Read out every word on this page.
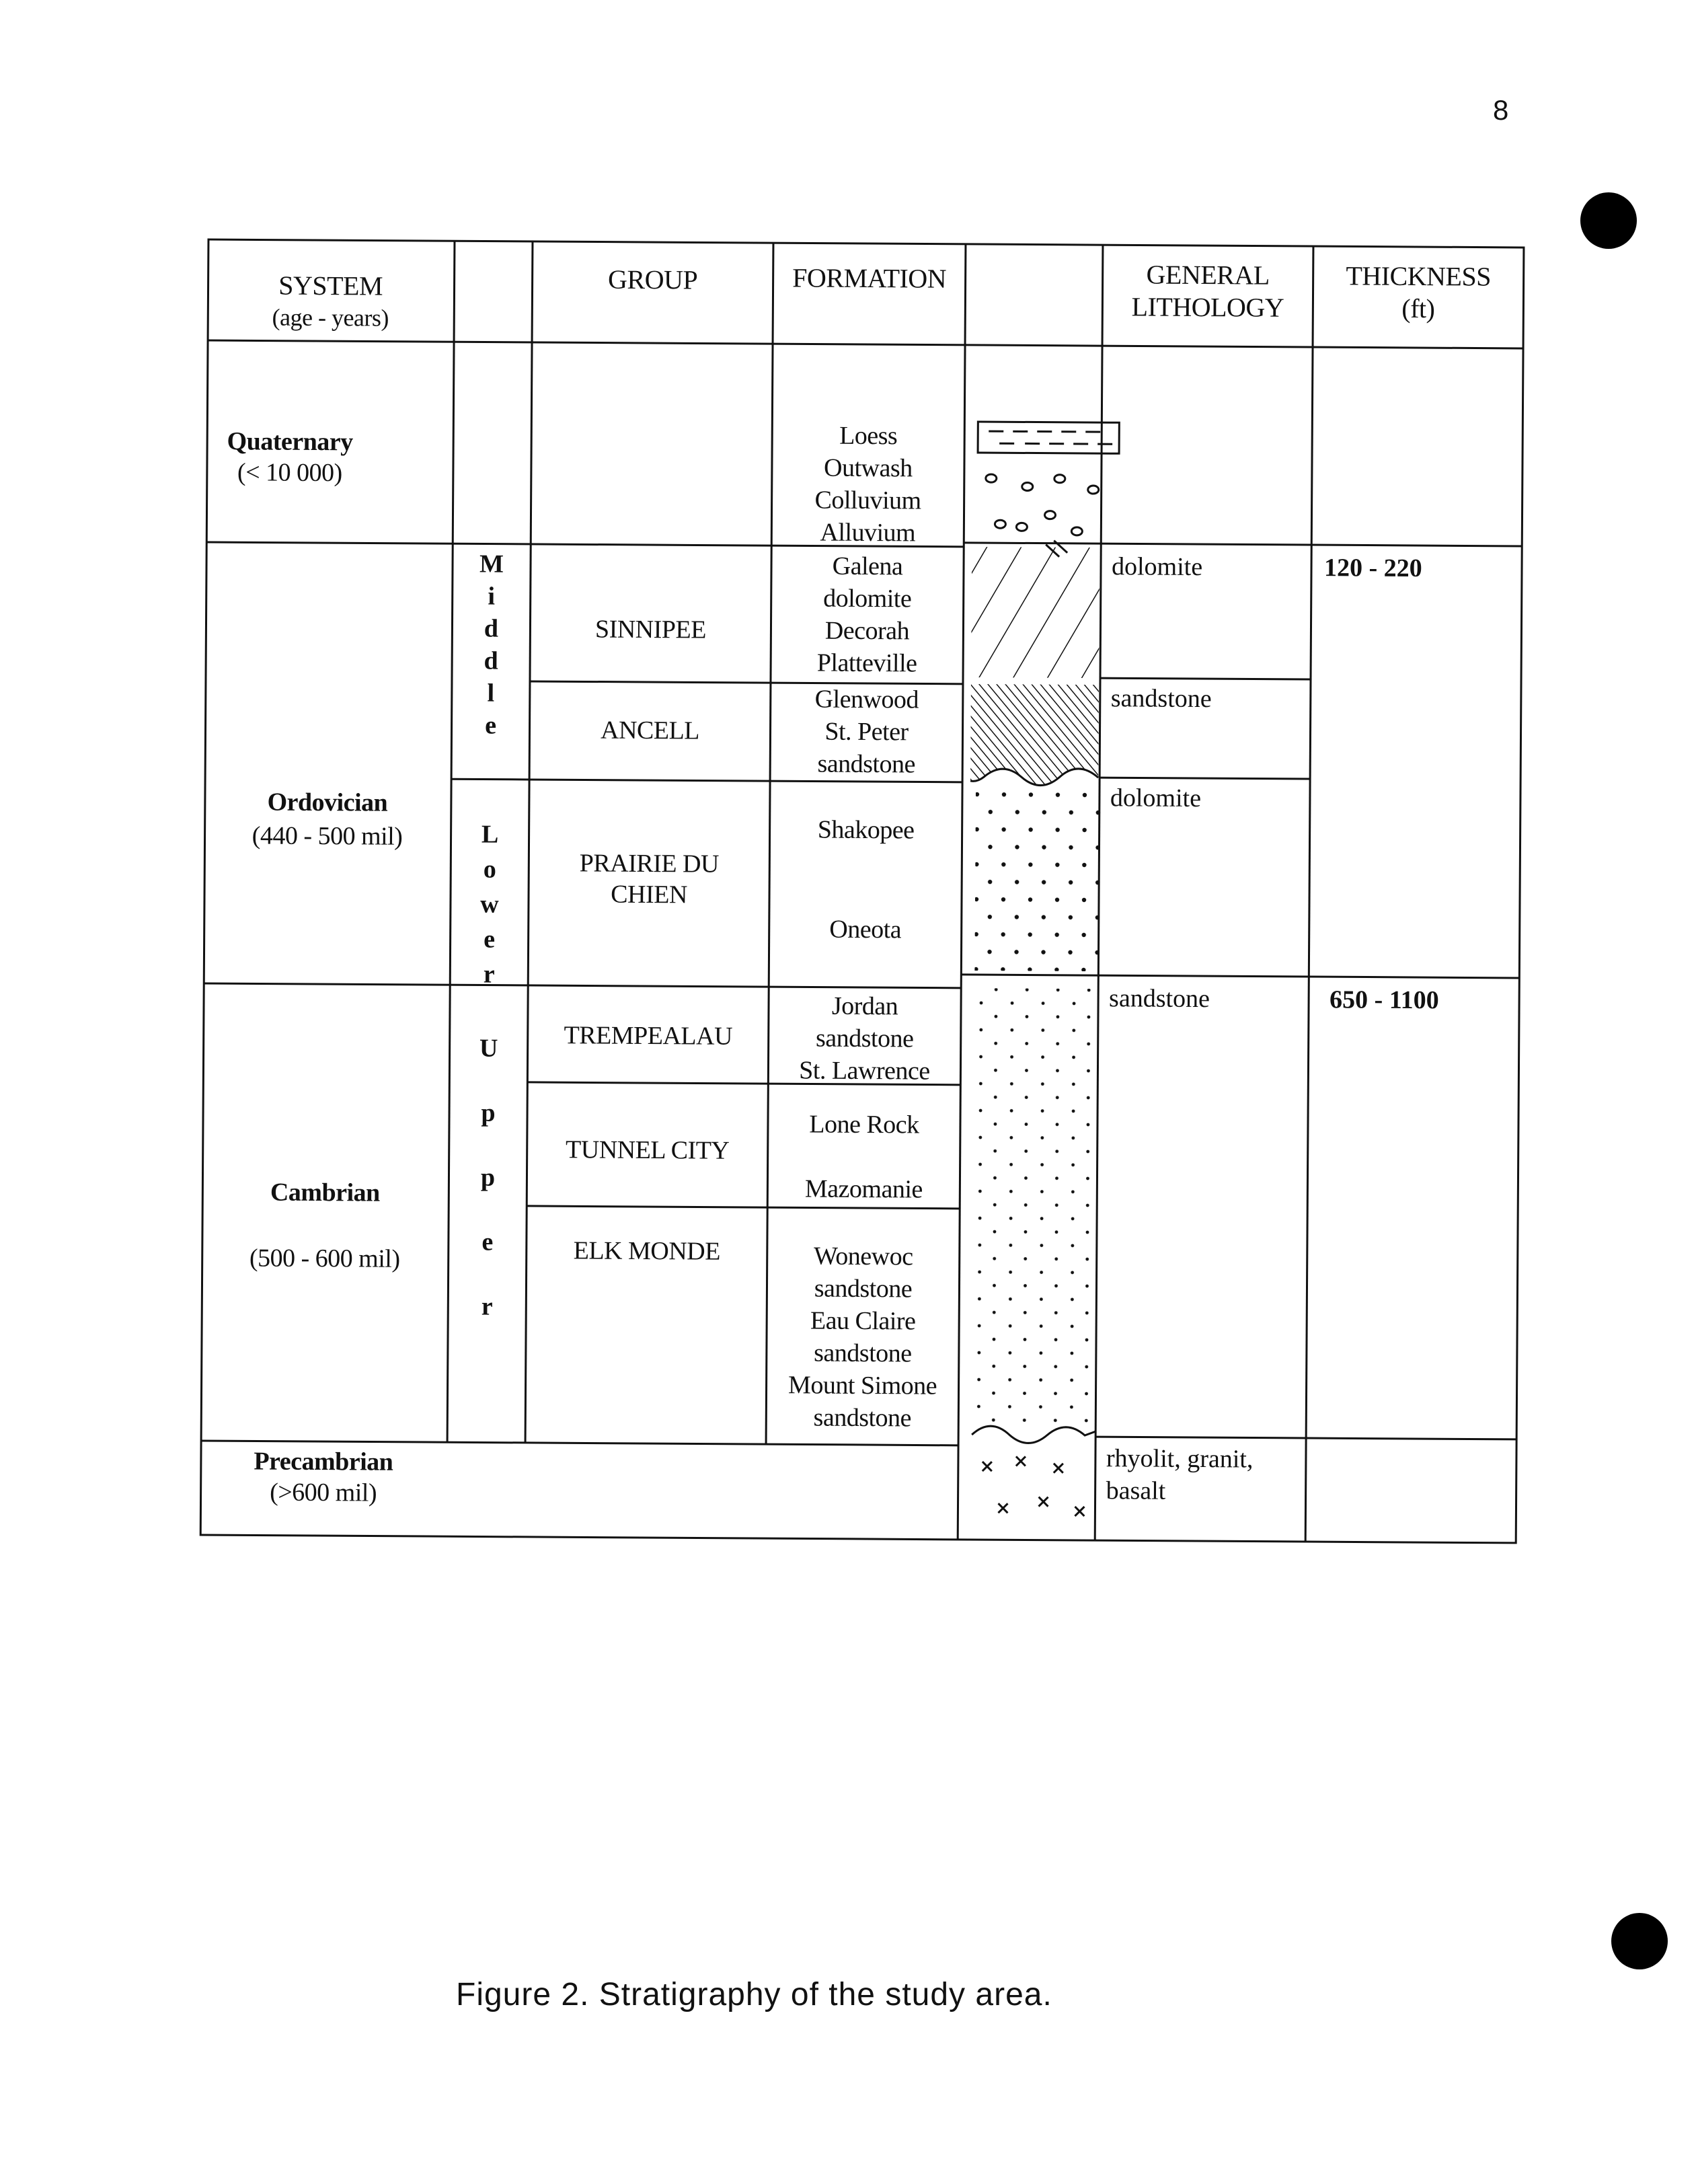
8
SYSTEM
(age - years)
GROUP	FORMATION	GENERAL
LITHOLOGY
THICKNESS
(ft)
Quaternary
(< 10 000)
Ordovician
(440 - 500 mil)
Cambrian
(500 - 600 mil)
Precambrian
(>600 mil)
M
i
d
d
l
e
L
o
w
e
r
U
p
p
e
r
SINNIPEE
ANCELL
PRAIRIE DU
CHIEN
TREMPEALAU
TUNNEL CITY
ELK MONDE
Loess
Outwash
Colluvium
Alluvium
Galena
dolomite
Decorah
Platteville
Glenwood
St. Peter
sandstone
Shakopee
Oneota
Jordan
sandstone
St. Lawrence
Lone Rock
Mazomanie
Wonewoc
sandstone
Eau Claire
sandstone
Mount Simone
sandstone
dolomite
sandstone
dolomite
sandstone
rhyolit, granit,
basalt
120 - 220
650 - 1100
Figure 2. Stratigraphy of the study area.
